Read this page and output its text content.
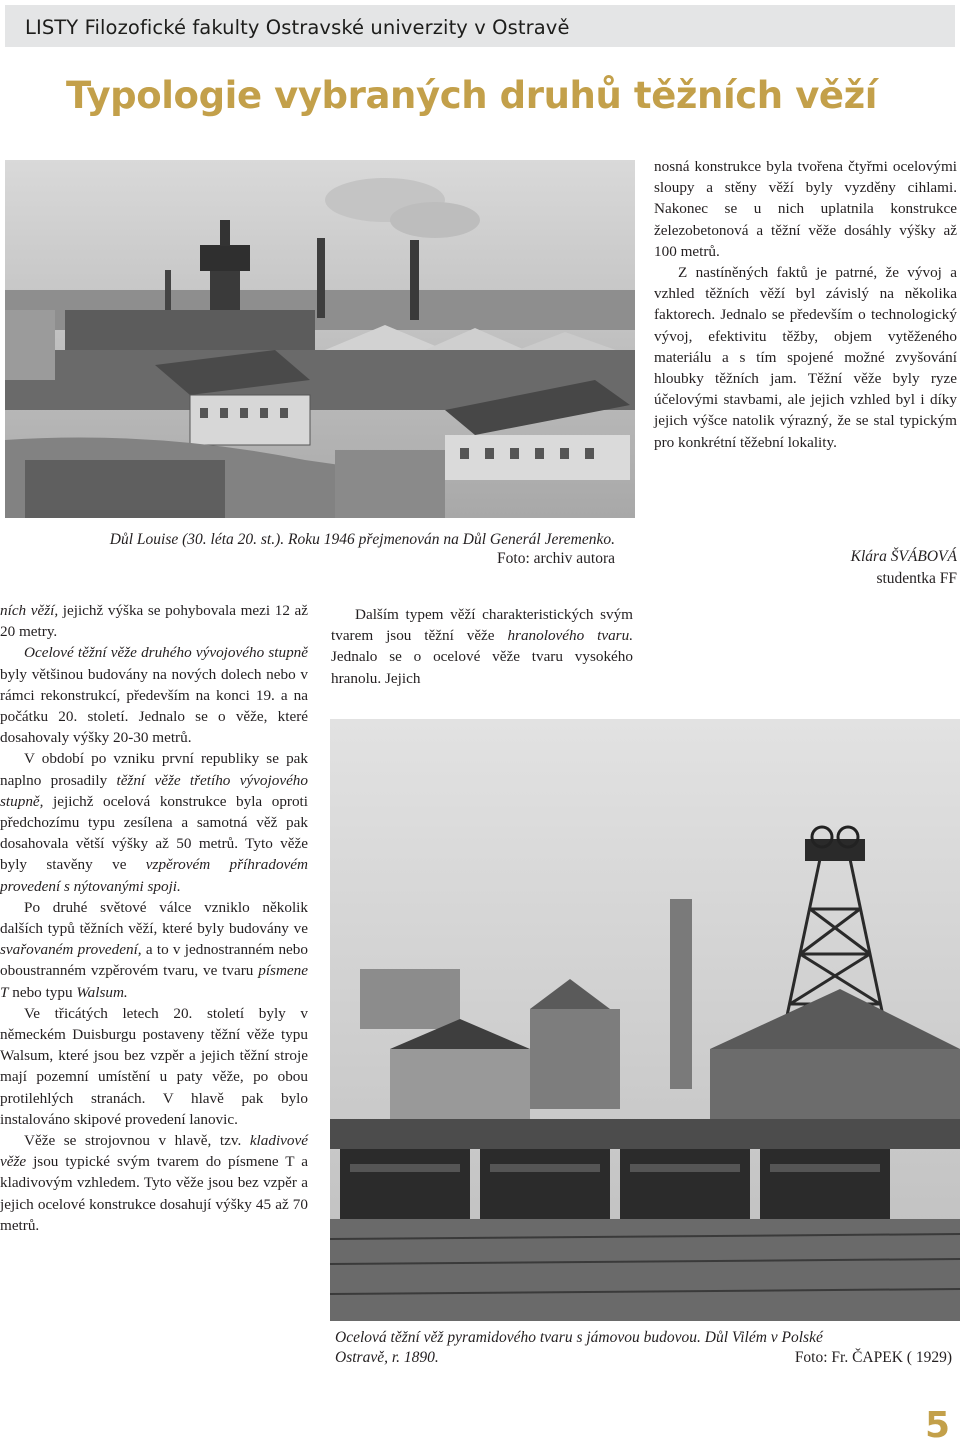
LISTY Filozofické fakulty Ostravské univerzity v Ostravě
Typologie vybraných druhů těžních věží
Důl Louise (30. léta 20. st.). Roku 1946 přejmenován na Důl Generál Jeremenko.
Foto: archiv autora

nosná konstrukce byla tvořena čtyřmi ocelovými sloupy a stěny věží byly vyzděny cihlami. Nakonec se u nich uplatnila konstrukce železobetonová a těžní věže dosáhly výšky až 100 metrů.

Z nastíněných faktů je patrné, že vývoj a vzhled těžních věží byl závislý na několika faktorech. Jednalo se především o technologický vývoj, efektivitu těžby, objem vytěženého materiálu a s tím spojené možné zvyšování hloubky těžních jam. Těžní věže byly ryze účelovými stavbami, ale jejich vzhled byl i díky jejich výšce natolik výrazný, že se stal typickým pro konkrétní těžební lokality.

Klára ŠVÁBOVÁ
studentka FF

ních věží, jejichž výška se pohybovala mezi 12 až 20 metry.

Ocelové těžní věže druhého vývojového stupně byly většinou budovány na nových dolech nebo v rámci rekonstrukcí, především na konci 19. a na počátku 20. století. Jednalo se o věže, které dosahovaly výšky 20-30 metrů.

V období po vzniku první republiky se pak naplno prosadily těžní věže třetího vývojového stupně, jejichž ocelová konstrukce byla oproti předchozímu typu zesílena a samotná věž pak dosahovala větší výšky až 50 metrů. Tyto věže byly stavěny ve vzpěrovém příhradovém provedení s nýtovanými spoji.

Po druhé světové válce vzniklo několik dalších typů těžních věží, které byly budovány ve svařovaném provedení, a to v jednostranném nebo oboustranném vzpěrovém tvaru, ve tvaru písmene T nebo typu Walsum.

Ve třicátých letech 20. století byly v německém Duisburgu postaveny těžní věže typu Walsum, které jsou bez vzpěr a jejich těžní stroje mají pozemní umístění u paty věže, po obou protilehlých stranách. V hlavě pak bylo instalováno skipové provedení lanovic.

Věže se strojovnou v hlavě, tzv. kladivové věže jsou typické svým tvarem do písmene T a kladivovým vzhledem. Tyto věže jsou bez vzpěr a jejich ocelové konstrukce dosahují výšky 45 až 70 metrů.

Dalším typem věží charakteristických svým tvarem jsou těžní věže hranolového tvaru. Jednalo se o ocelové věže tvaru vysokého hranolu. Jejich

Ocelová těžní věž pyramidového tvaru s jámovou budovou. Důl Vilém v Polské
Ostravě, r. 1890.	Foto: Fr. ČAPEK ( 1929)
5
